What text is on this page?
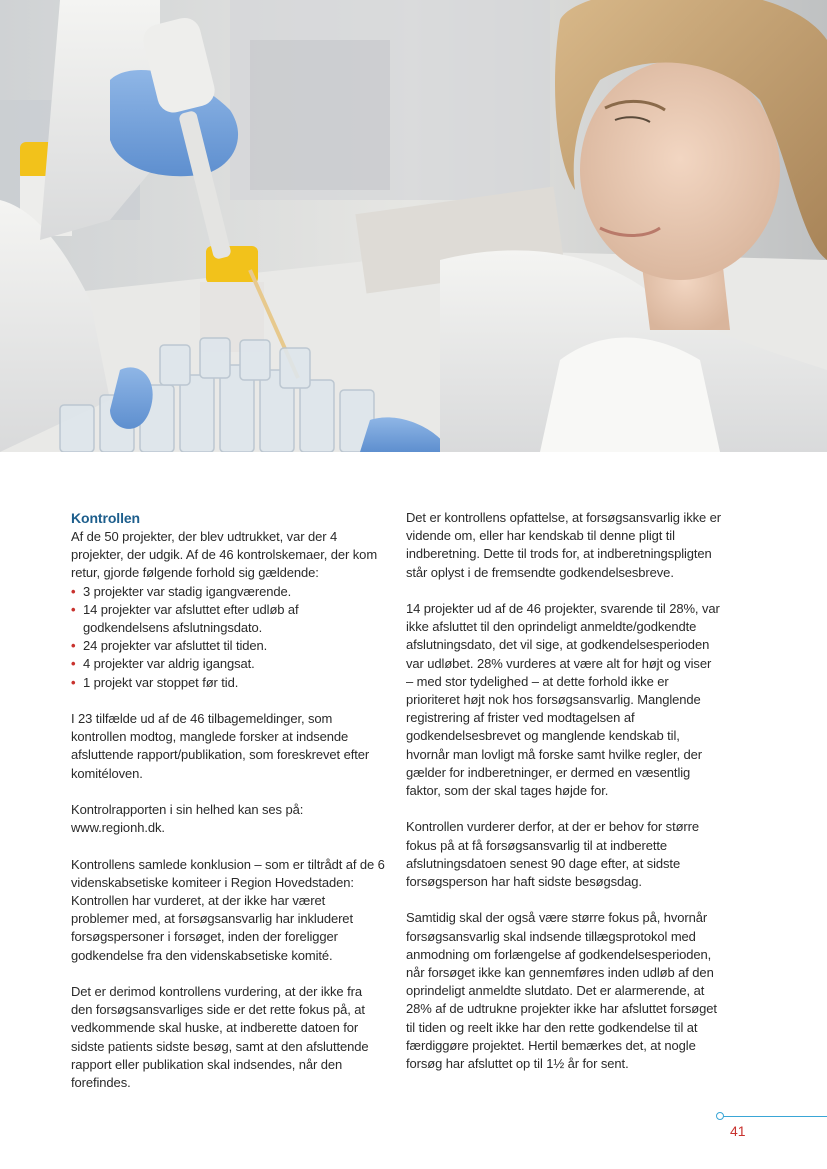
Kontrollen

Af de 50 projekter, der blev udtrukket, var der 4 projekter, der udgik. Af de 46 kontrolskemaer, der kom retur, gjorde følgende forhold sig gældende:

• 3 projekter var stadig igangværende.
• 14 projekter var afsluttet efter udløb af godkendelsens afslutningsdato.
• 24 projekter var afsluttet til tiden.
• 4 projekter var aldrig igangsat.
• 1 projekt var stoppet før tid.

I 23 tilfælde ud af de 46 tilbagemeldinger, som kontrollen modtog, manglede forsker at indsende afsluttende rapport/publikation, som foreskrevet efter komitéloven.

Kontrolrapporten i sin helhed kan ses på: www.regionh.dk.

Kontrollens samlede konklusion – som er tiltrådt af de 6 videnskabsetiske komiteer i Region Hovedstaden: Kontrollen har vurderet, at der ikke har været problemer med, at forsøgsansvarlig har inkluderet forsøgspersoner i forsøget, inden der foreligger godkendelse fra den videnskabsetiske komité.

Det er derimod kontrollens vurdering, at der ikke fra den forsøgsansvarliges side er det rette fokus på, at vedkommende skal huske, at indberette datoen for sidste patients sidste besøg, samt at den afsluttende rapport eller publikation skal indsendes, når den forefindes.

Det er kontrollens opfattelse, at forsøgsansvarlig ikke er vidende om, eller har kendskab til denne pligt til indberetning. Dette til trods for, at indberetningspligten står oplyst i de fremsendte godkendelsesbreve.

14 projekter ud af de 46 projekter, svarende til 28%, var ikke afsluttet til den oprindeligt anmeldte/godkendte afslutningsdato, det vil sige, at godkendelsesperioden var udløbet. 28% vurderes at være alt for højt og viser – med stor tydelighed – at dette forhold ikke er prioriteret højt nok hos forsøgsansvarlig. Manglende registrering af frister ved modtagelsen af godkendelsesbrevet og manglende kendskab til, hvornår man lovligt må forske samt hvilke regler, der gælder for indberetninger, er dermed en væsentlig faktor, som der skal tages højde for.

Kontrollen vurderer derfor, at der er behov for større fokus på at få forsøgsansvarlig til at indberette afslutningsdatoen senest 90 dage efter, at sidste forsøgsperson har haft sidste besøgsdag.

Samtidig skal der også være større fokus på, hvornår forsøgsansvarlig skal indsende tillægsprotokol med anmodning om forlængelse af godkendelsesperioden, når forsøget ikke kan gennemføres inden udløb af den oprindeligt anmeldte slutdato. Det er alarmerende, at 28% af de udtrukne projekter ikke har afsluttet forsøget til tiden og reelt ikke har den rette godkendelse til at færdiggøre projektet. Hertil bemærkes det, at nogle forsøg har afsluttet op til 1½ år for sent.

41
